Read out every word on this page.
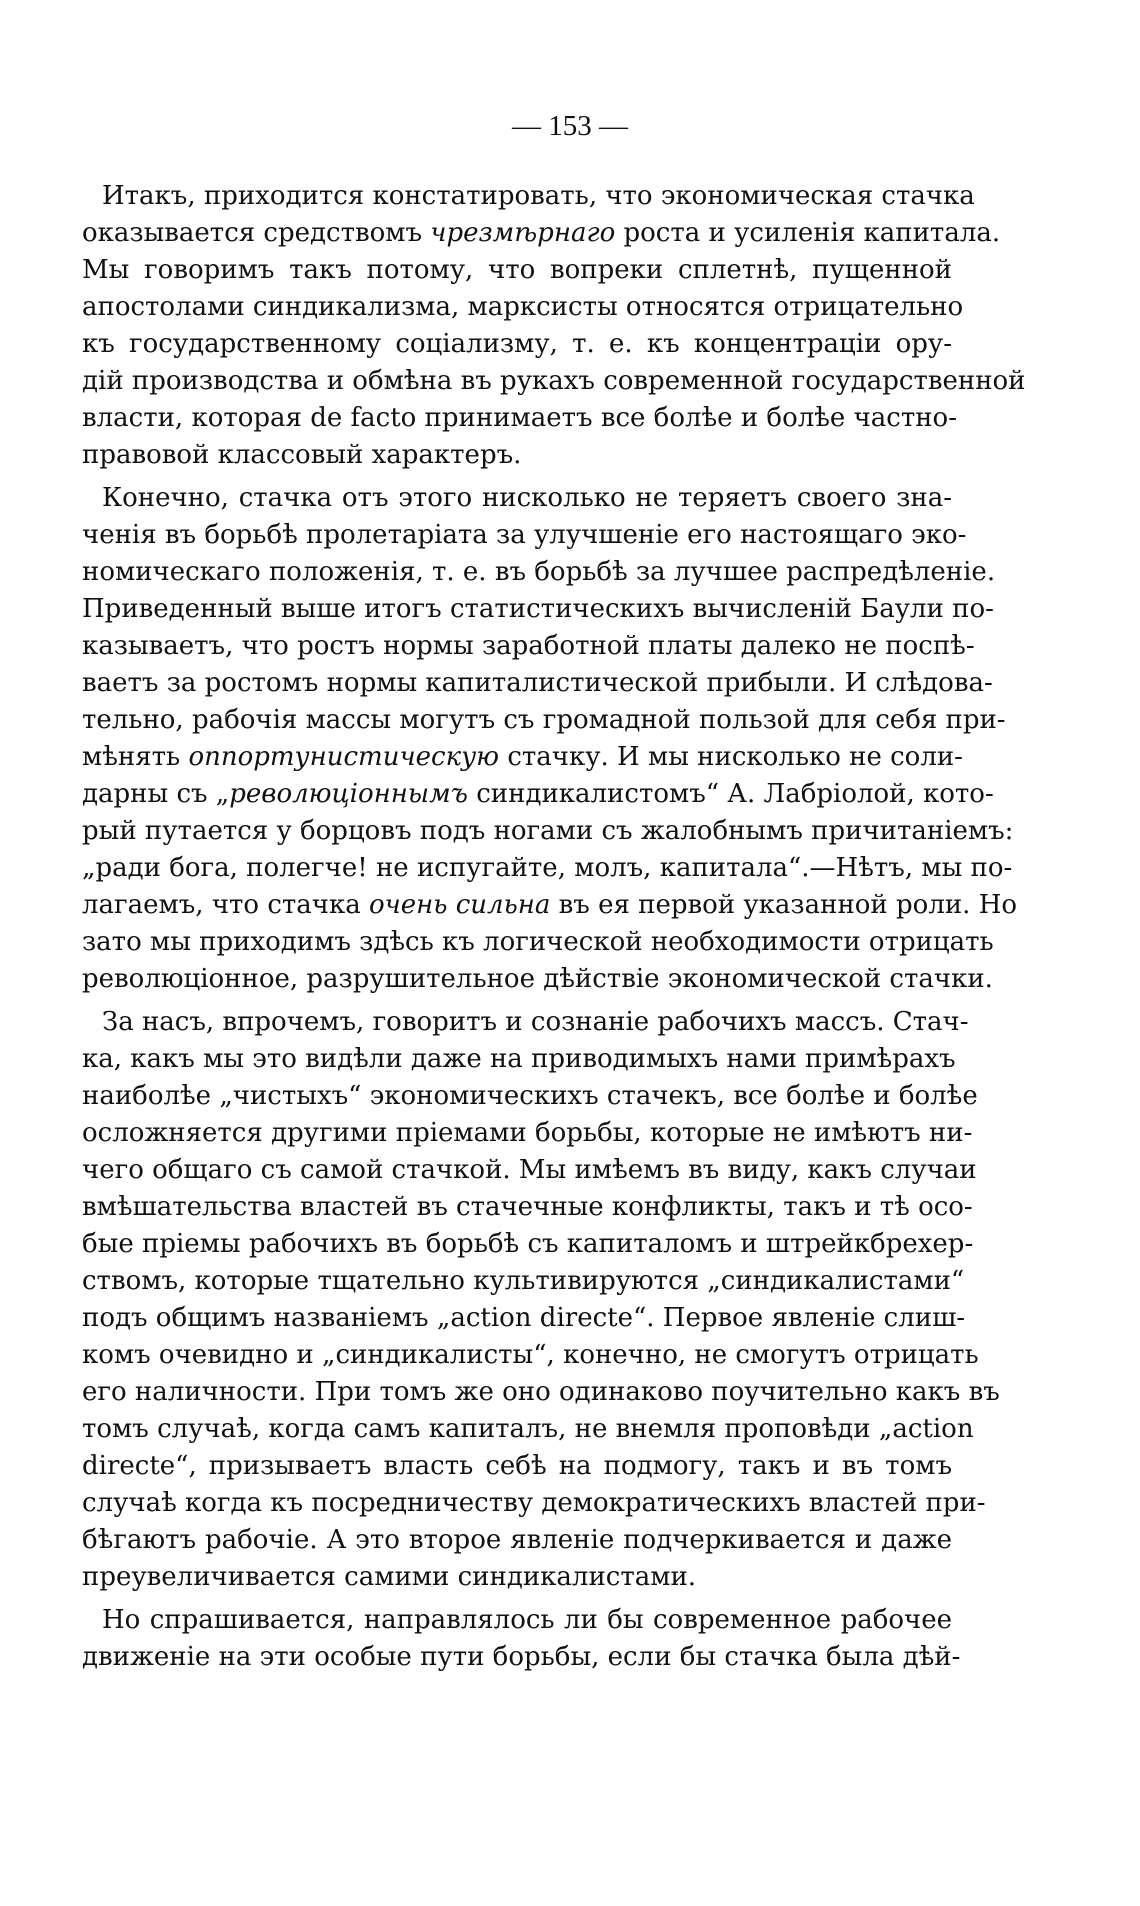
— 153 —
Итакъ, приходится констатировать, что экономическая стачка
оказывается средствомъ чрезмѣрнаго роста и усиленія капитала.
Мы говоримъ такъ потому, что вопреки сплетнѣ, пущенной
апостолами синдикализма, марксисты относятся отрицательно
къ государственному соціализму, т. е. къ концентраціи ору-
дій производства и обмѣна въ рукахъ современной государственной
власти, которая de facto принимаетъ все болѣе и болѣе частно-
правовой классовый характеръ.
Конечно, стачка отъ этого нисколько не теряетъ своего зна-
ченія въ борьбѣ пролетаріата за улучшеніе его настоящаго эко-
номическаго положенія, т. е. въ борьбѣ за лучшее распредѣленіе.
Приведенный выше итогъ статистическихъ вычисленій Баули по-
казываетъ, что ростъ нормы заработной платы далеко не поспѣ-
ваетъ за ростомъ нормы капиталистической прибыли. И слѣдова-
тельно, рабочія массы могутъ съ громадной пользой для себя при-
мѣнять оппортунистическую стачку. И мы нисколько не соли-
дарны съ „революціоннымъ синдикалистомъ“ А. Лабріолой, кото-
рый путается у борцовъ подъ ногами съ жалобнымъ причитаніемъ:
„ради бога, полегче! не испугайте, молъ, капитала“.—Нѣтъ, мы по-
лагаемъ, что стачка очень сильна въ ея первой указанной роли. Но
зато мы приходимъ здѣсь къ логической необходимости отрицать
революціонное, разрушительное дѣйствіе экономической стачки.
За насъ, впрочемъ, говоритъ и сознаніе рабочихъ массъ. Стач-
ка, какъ мы это видѣли даже на приводимыхъ нами примѣрахъ
наиболѣе „чистыхъ“ экономическихъ стачекъ, все болѣе и болѣе
осложняется другими пріемами борьбы, которые не имѣютъ ни-
чего общаго съ самой стачкой. Мы имѣемъ въ виду, какъ случаи
вмѣшательства властей въ стачечные конфликты, такъ и тѣ осо-
бые пріемы рабочихъ въ борьбѣ съ капиталомъ и штрейкбрехер-
ствомъ, которые тщательно культивируются „синдикалистами“
подъ общимъ названіемъ „action directe“. Первое явленіе слиш-
комъ очевидно и „синдикалисты“, конечно, не смогутъ отрицать
его наличности. При томъ же оно одинаково поучительно какъ въ
томъ случаѣ, когда самъ капиталъ, не внемля проповѣди „action
directe“, призываетъ власть себѣ на подмогу, такъ и въ томъ
случаѣ когда къ посредничеству демократическихъ властей при-
бѣгаютъ рабочіе. А это второе явленіе подчеркивается и даже
преувеличивается самими синдикалистами.
Но спрашивается, направлялось ли бы современное рабочее
движеніе на эти особые пути борьбы, если бы стачка была дѣй-
